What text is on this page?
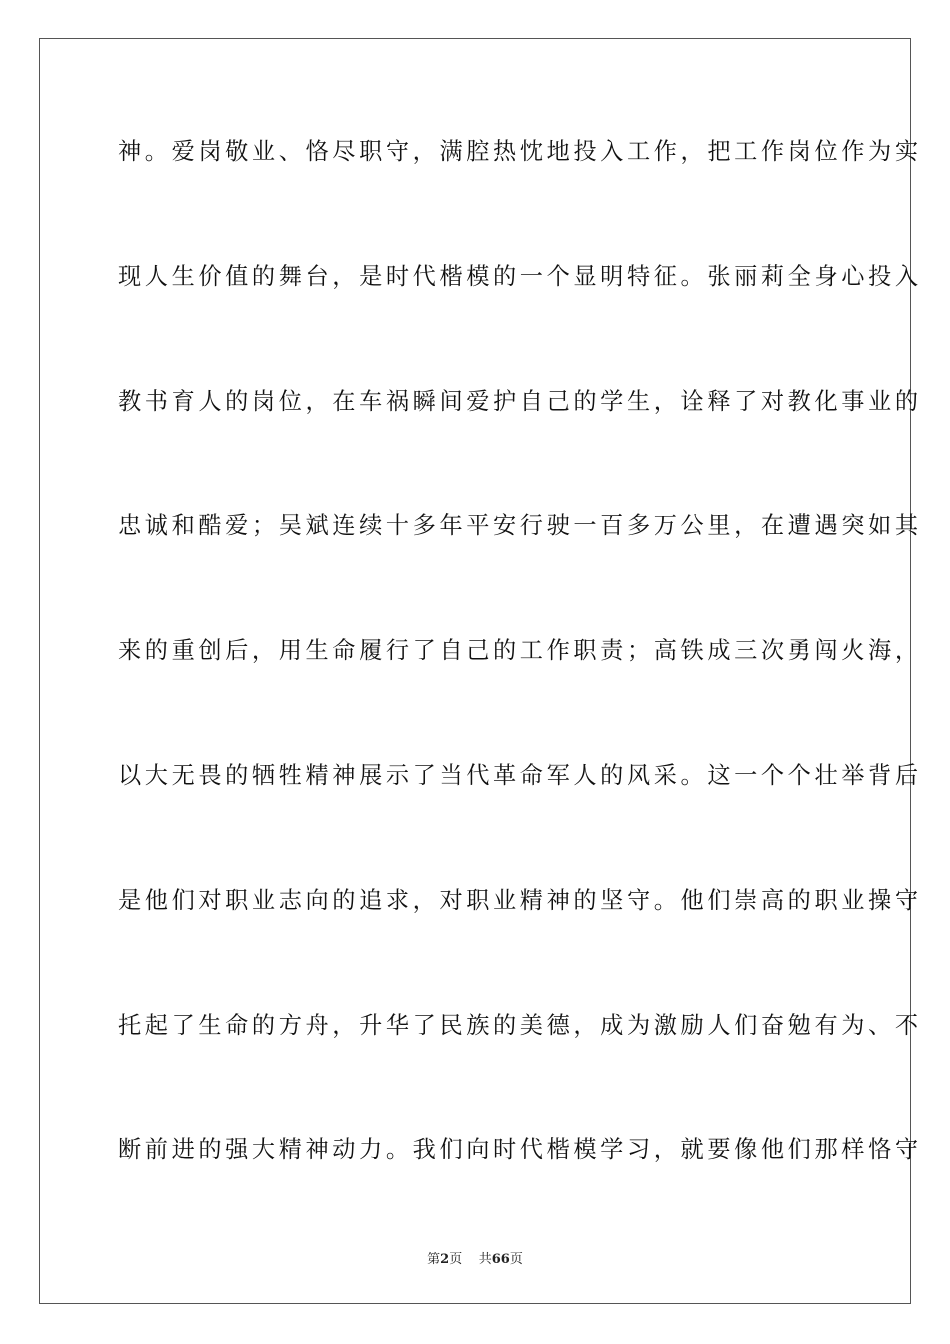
神。爱岗敬业、恪尽职守，满腔热忱地投入工作，把工作岗位作为实
现人生价值的舞台，是时代楷模的一个显明特征。张丽莉全身心投入
教书育人的岗位，在车祸瞬间爱护自己的学生，诠释了对教化事业的
忠诚和酷爱；吴斌连续十多年平安行驶一百多万公里，在遭遇突如其
来的重创后，用生命履行了自己的工作职责；高铁成三次勇闯火海，
以大无畏的牺牲精神展示了当代革命军人的风采。这一个个壮举背后
是他们对职业志向的追求，对职业精神的坚守。他们崇高的职业操守
托起了生命的方舟，升华了民族的美德，成为激励人们奋勉有为、不
断前进的强大精神动力。我们向时代楷模学习，就要像他们那样恪守
第2页 共66页
